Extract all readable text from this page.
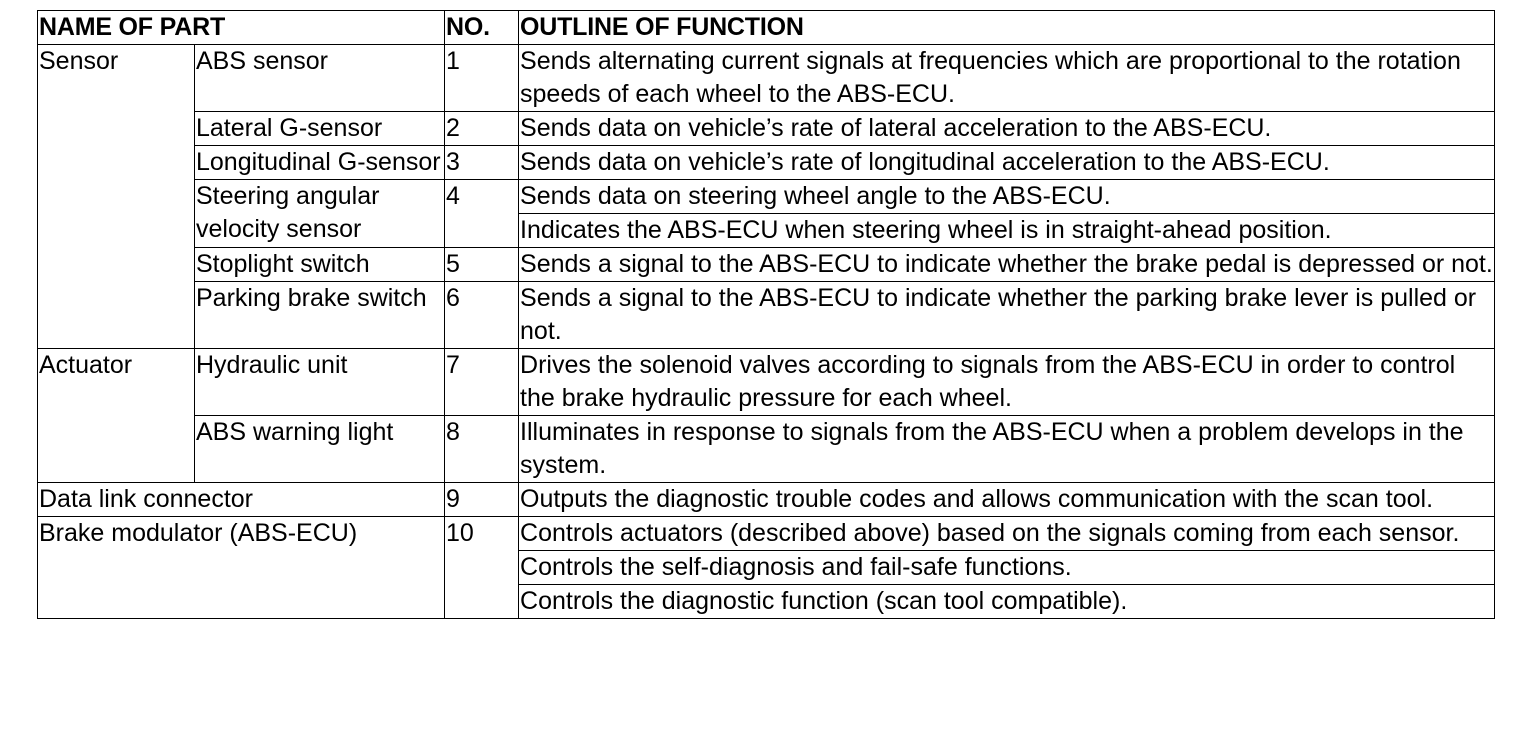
NAME OF PART		NO.	OUTLINE OF FUNCTION
Sensor	ABS sensor	1	Sends alternating current signals at frequencies which are proportional to the rotation speeds of each wheel to the ABS-ECU.
	Lateral G-sensor	2	Sends data on vehicle’s rate of lateral acceleration to the ABS-ECU.
	Longitudinal G-sensor	3	Sends data on vehicle’s rate of longitudinal acceleration to the ABS-ECU.
	Steering angular velocity sensor	4	Sends data on steering wheel angle to the ABS-ECU.
			Indicates the ABS-ECU when steering wheel is in straight-ahead position.
	Stoplight switch	5	Sends a signal to the ABS-ECU to indicate whether the brake pedal is depressed or not.
	Parking brake switch	6	Sends a signal to the ABS-ECU to indicate whether the parking brake lever is pulled or not.
Actuator	Hydraulic unit	7	Drives the solenoid valves according to signals from the ABS-ECU in order to control the brake hydraulic pressure for each wheel.
	ABS warning light	8	Illuminates in response to signals from the ABS-ECU when a problem develops in the system.
Data link connector		9	Outputs the diagnostic trouble codes and allows communication with the scan tool.
Brake modulator (ABS-ECU)		10	Controls actuators (described above) based on the signals coming from each sensor.
			Controls the self-diagnosis and fail-safe functions.
			Controls the diagnostic function (scan tool compatible).
